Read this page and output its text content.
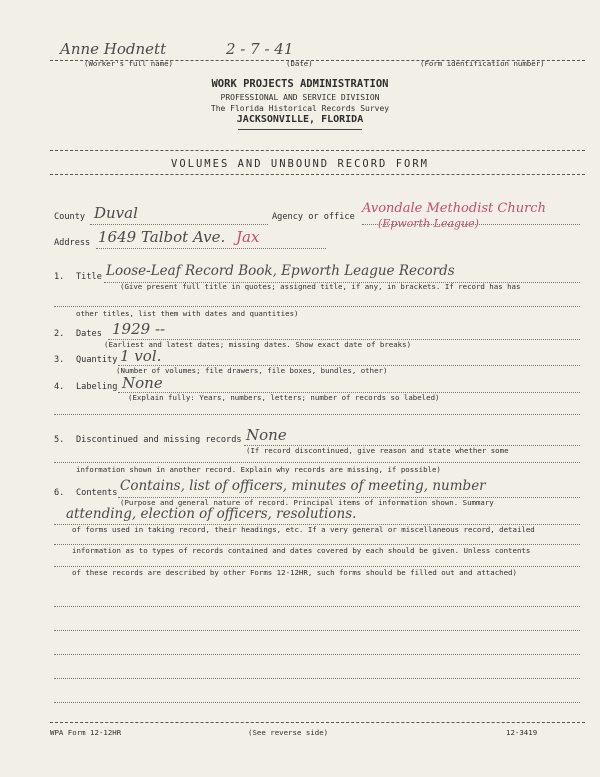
Anne Hodnett	2 - 7 - 41
(Worker's full name)	(Date)	(Form identification number)
WORK PROJECTS ADMINISTRATION
PROFESSIONAL AND SERVICE DIVISION
The Florida Historical Records Survey
JACKSONVILLE, FLORIDA
VOLUMES AND UNBOUND RECORD FORM
County Duval	Agency or office
Avondale Methodist Church
(Epworth League)
Address 1649 Talbot Ave. Jax
1. Title Loose-Leaf Record Book, Epworth League Records
(Give present full title in quotes; assigned title, if any, in brackets. If record has has
other titles, list them with dates and quantities)
2. Dates 1929 --
(Earliest and latest dates; missing dates. Show exact date of breaks)
3. Quantity 1 vol.
(Number of volumes; file drawers, file boxes, bundles, other)
4. Labeling None
(Explain fully: Years, numbers, letters; number of records so labeled)
5. Discontinued and missing records None
(If record discontinued, give reason and state whether some
information shown in another record. Explain why records are missing, if possible)
6. Contents Contains, list of officers, minutes of meeting, number
(Purpose and general nature of record. Principal items of information shown. Summary
attending, election of officers, resolutions.
of forms used in taking record, their headings, etc. If a very general or miscellaneous record, detailed
information as to types of records contained and dates covered by each should be given. Unless contents
of these records are described by other Forms 12-12HR, such forms should be filled out and attached)
WPA Form 12-12HR	(See reverse side)	12-3419
